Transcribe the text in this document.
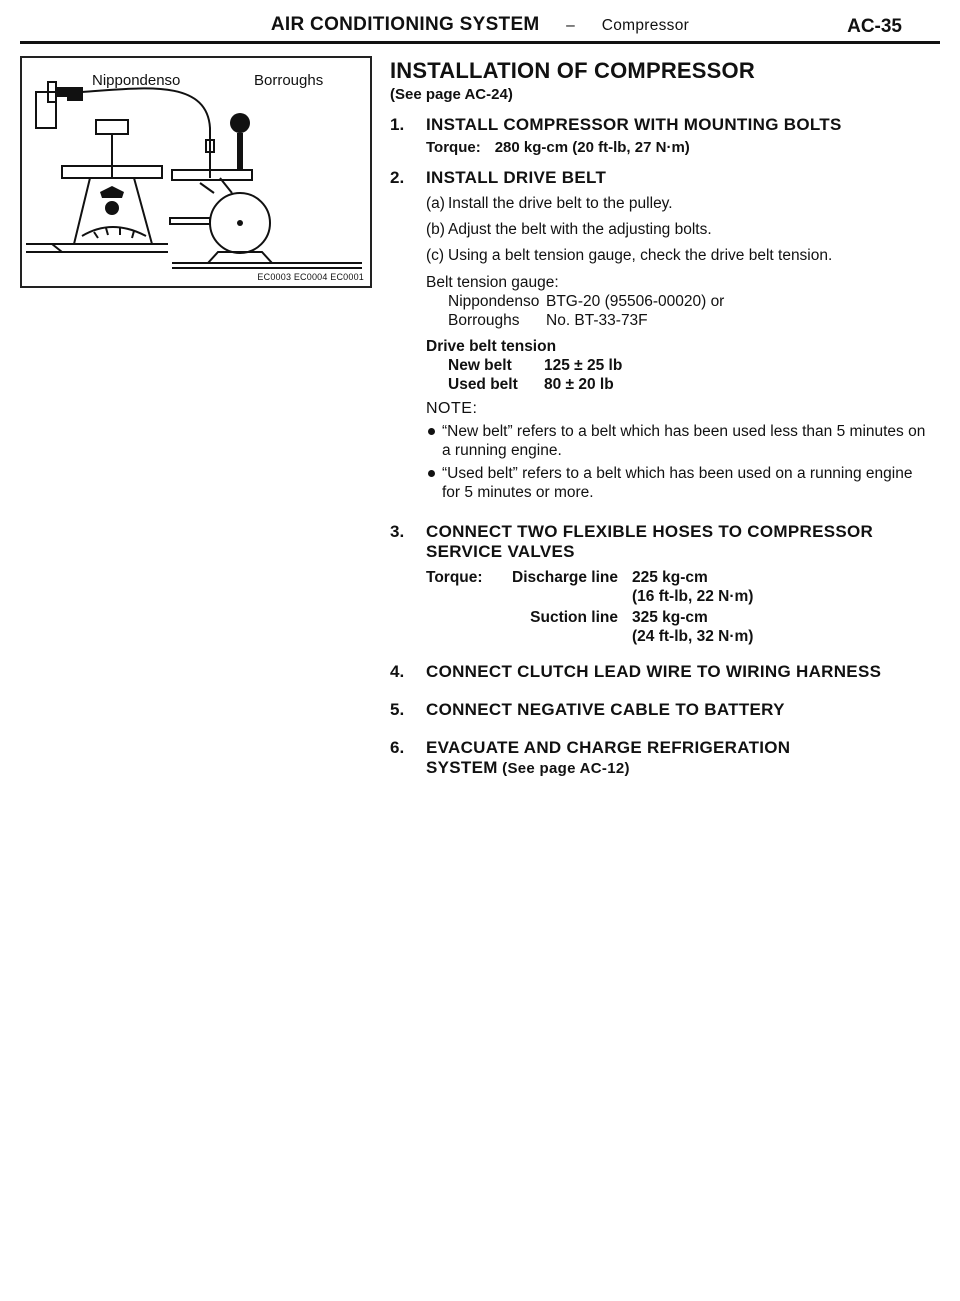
AIR CONDITIONING SYSTEM – Compressor	AC-35
Nippondenso	Borroughs
EC0003 EC0004 EC0001
INSTALLATION OF COMPRESSOR
(See page AC-24)
1. INSTALL COMPRESSOR WITH MOUNTING BOLTS
Torque: 280 kg-cm (20 ft-lb, 27 N·m)
2. INSTALL DRIVE BELT
(a) Install the drive belt to the pulley.
(b) Adjust the belt with the adjusting bolts.
(c) Using a belt tension gauge, check the drive belt tension.
Belt tension gauge:
Nippondenso BTG-20 (95506-00020) or
Borroughs	No. BT-33-73F
Drive belt tension
New belt	125 ± 25 lb
Used belt	80 ± 20 lb
NOTE:
“New belt” refers to a belt which has been used less than 5 minutes on a running engine.
“Used belt” refers to a belt which has been used on a running engine for 5 minutes or more.
3. CONNECT TWO FLEXIBLE HOSES TO COMPRESSOR SERVICE VALVES
Torque:	Discharge line 225 kg-cm
(16 ft-lb, 22 N·m)
Suction line 325 kg-cm
(24 ft-lb, 32 N·m)
4. CONNECT CLUTCH LEAD WIRE TO WIRING HARNESS
5. CONNECT NEGATIVE CABLE TO BATTERY
6. EVACUATE AND CHARGE REFRIGERATION
SYSTEM (See page AC-12)
